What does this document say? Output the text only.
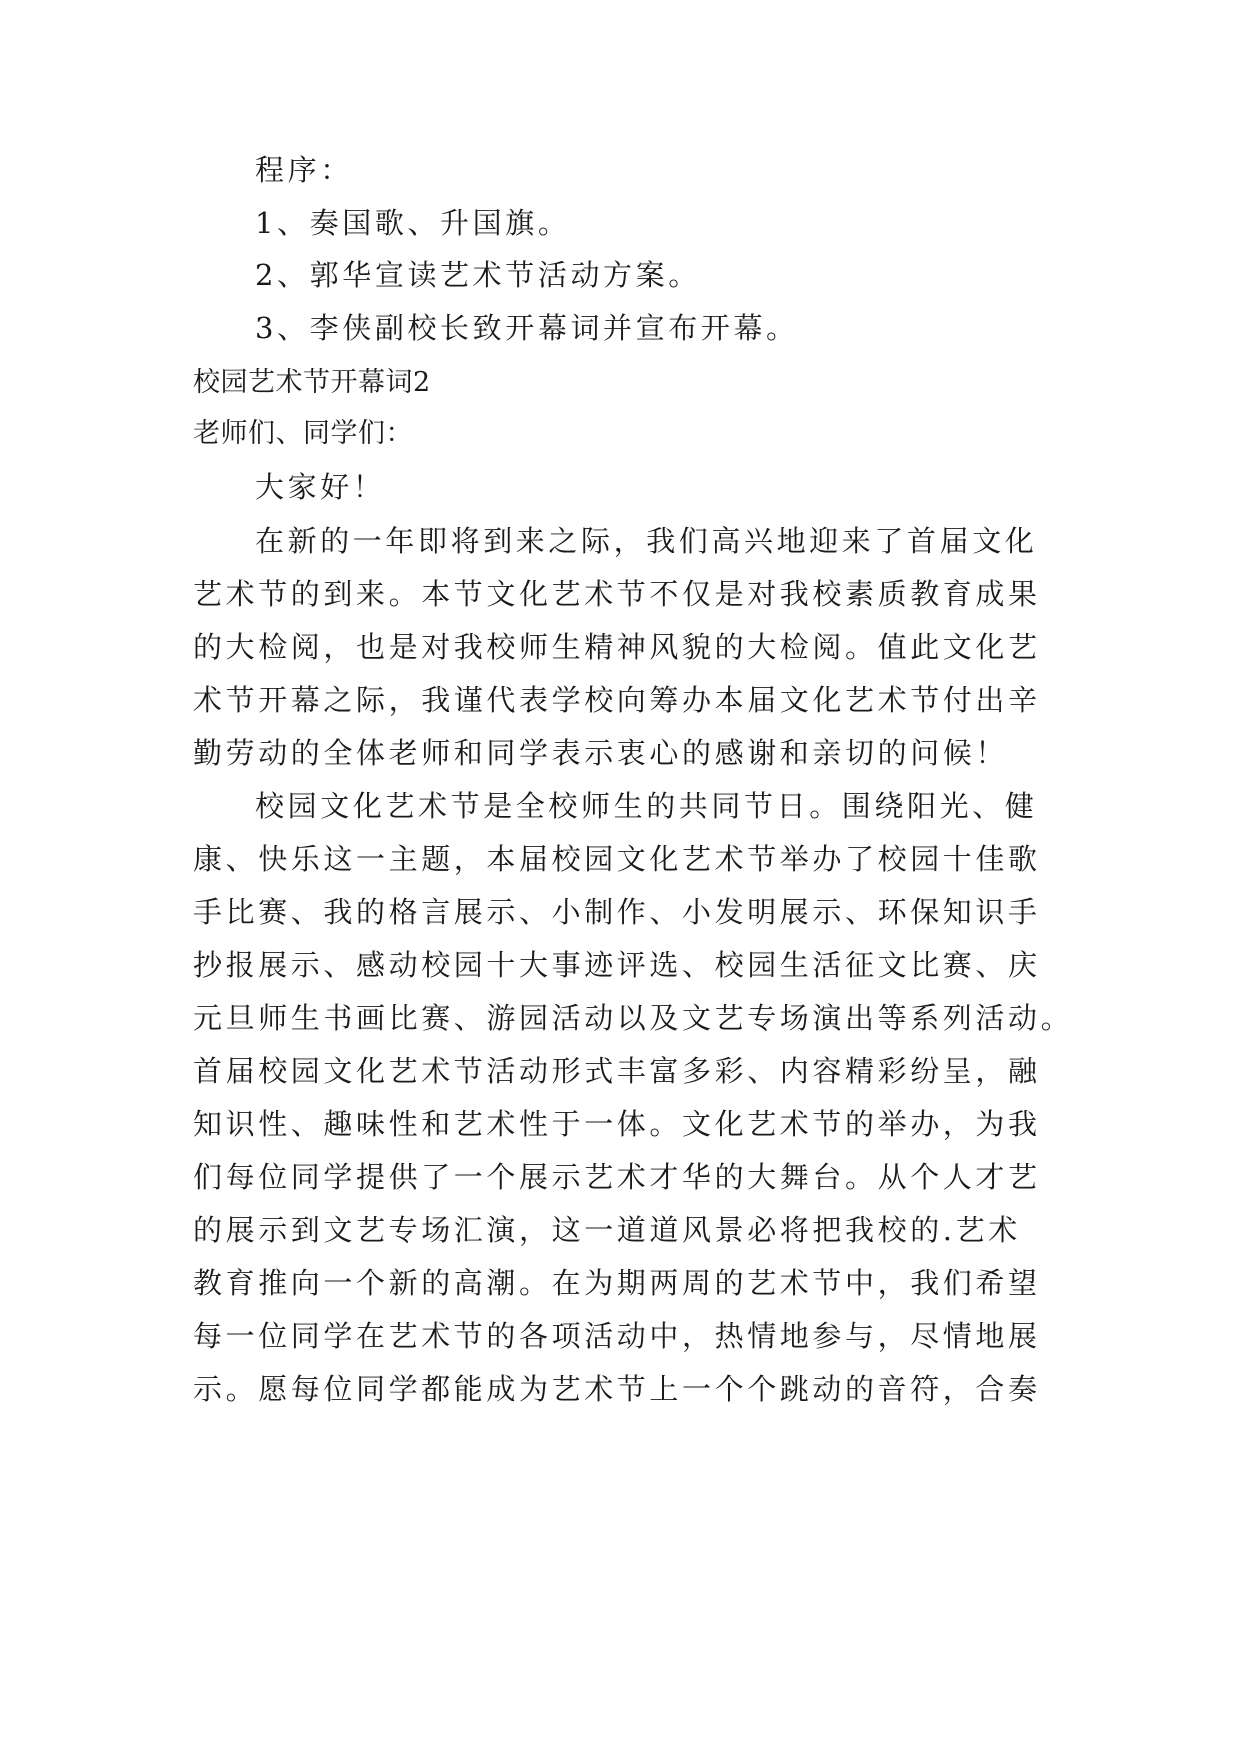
程序：
1、奏国歌、升国旗。
2、郭华宣读艺术节活动方案。
3、李侠副校长致开幕词并宣布开幕。
校园艺术节开幕词2
老师们、同学们：
大家好！
在新的一年即将到来之际，我们高兴地迎来了首届文化
艺术节的到来。本节文化艺术节不仅是对我校素质教育成果
的大检阅，也是对我校师生精神风貌的大检阅。值此文化艺
术节开幕之际，我谨代表学校向筹办本届文化艺术节付出辛
勤劳动的全体老师和同学表示衷心的感谢和亲切的问候！
校园文化艺术节是全校师生的共同节日。围绕阳光、健
康、快乐这一主题，本届校园文化艺术节举办了校园十佳歌
手比赛、我的格言展示、小制作、小发明展示、环保知识手
抄报展示、感动校园十大事迹评选、校园生活征文比赛、庆
元旦师生书画比赛、游园活动以及文艺专场演出等系列活动。
首届校园文化艺术节活动形式丰富多彩、内容精彩纷呈，融
知识性、趣味性和艺术性于一体。文化艺术节的举办，为我
们每位同学提供了一个展示艺术才华的大舞台。从个人才艺
的展示到文艺专场汇演，这一道道风景必将把我校的.艺术
教育推向一个新的高潮。在为期两周的艺术节中，我们希望
每一位同学在艺术节的各项活动中，热情地参与，尽情地展
示。愿每位同学都能成为艺术节上一个个跳动的音符，合奏
